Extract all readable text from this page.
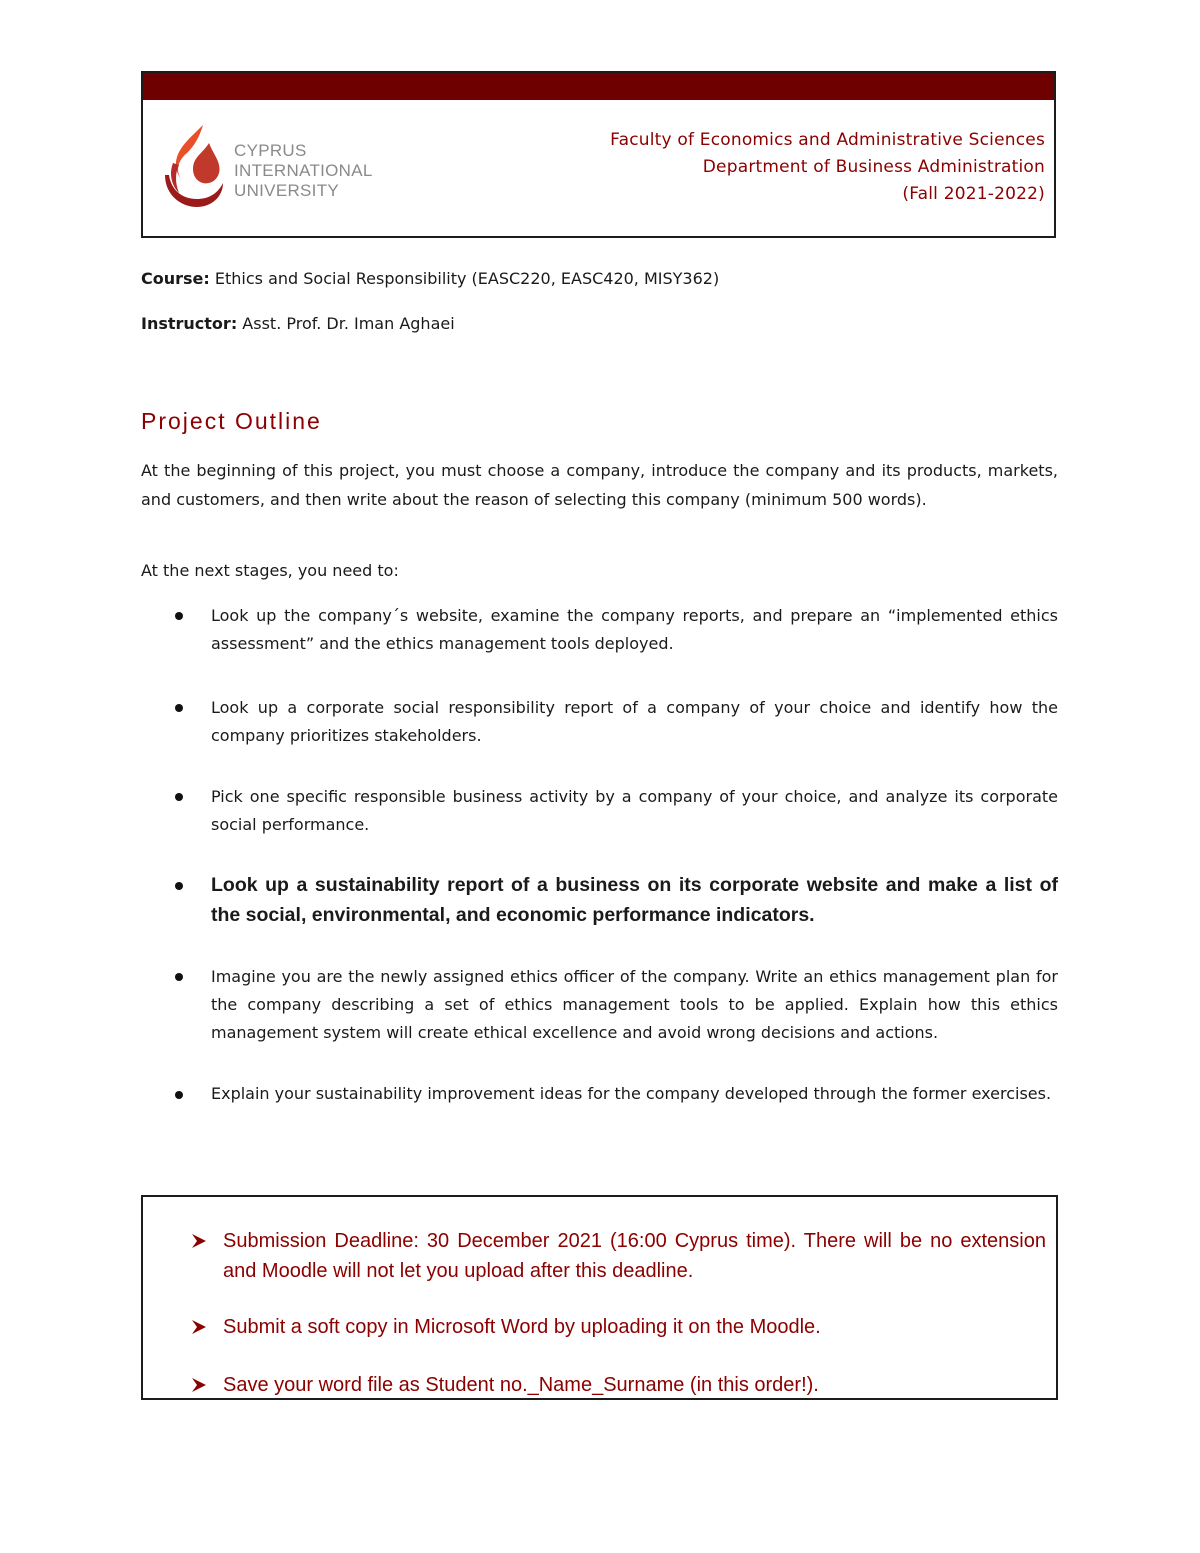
CYPRUS
INTERNATIONAL
UNIVERSITY
Faculty of Economics and Administrative Sciences
Department of Business Administration
(Fall 2021-2022)
Course: Ethics and Social Responsibility (EASC220, EASC420, MISY362)
Instructor: Asst. Prof. Dr. Iman Aghaei
Project Outline

At the beginning of this project, you must choose a company, introduce the company and its products, markets, and customers, and then write about the reason of selecting this company (minimum 500 words).

At the next stages, you need to:

Look up the company´s website, examine the company reports, and prepare an “implemented ethics assessment” and the ethics management tools deployed.

Look up a corporate social responsibility report of a company of your choice and identify how the company prioritizes stakeholders.

Pick one specific responsible business activity by a company of your choice, and analyze its corporate social performance.

Look up a sustainability report of a business on its corporate website and make a list of the social, environmental, and economic performance indicators.

Imagine you are the newly assigned ethics officer of the company. Write an ethics management plan for the company describing a set of ethics management tools to be applied. Explain how this ethics management system will create ethical excellence and avoid wrong decisions and actions.

Explain your sustainability improvement ideas for the company developed through the former exercises.

Submission Deadline: 30 December 2021 (16:00 Cyprus time). There will be no extension and Moodle will not let you upload after this deadline.

Submit a soft copy in Microsoft Word by uploading it on the Moodle.

Save your word file as Student no._Name_Surname (in this order!).
